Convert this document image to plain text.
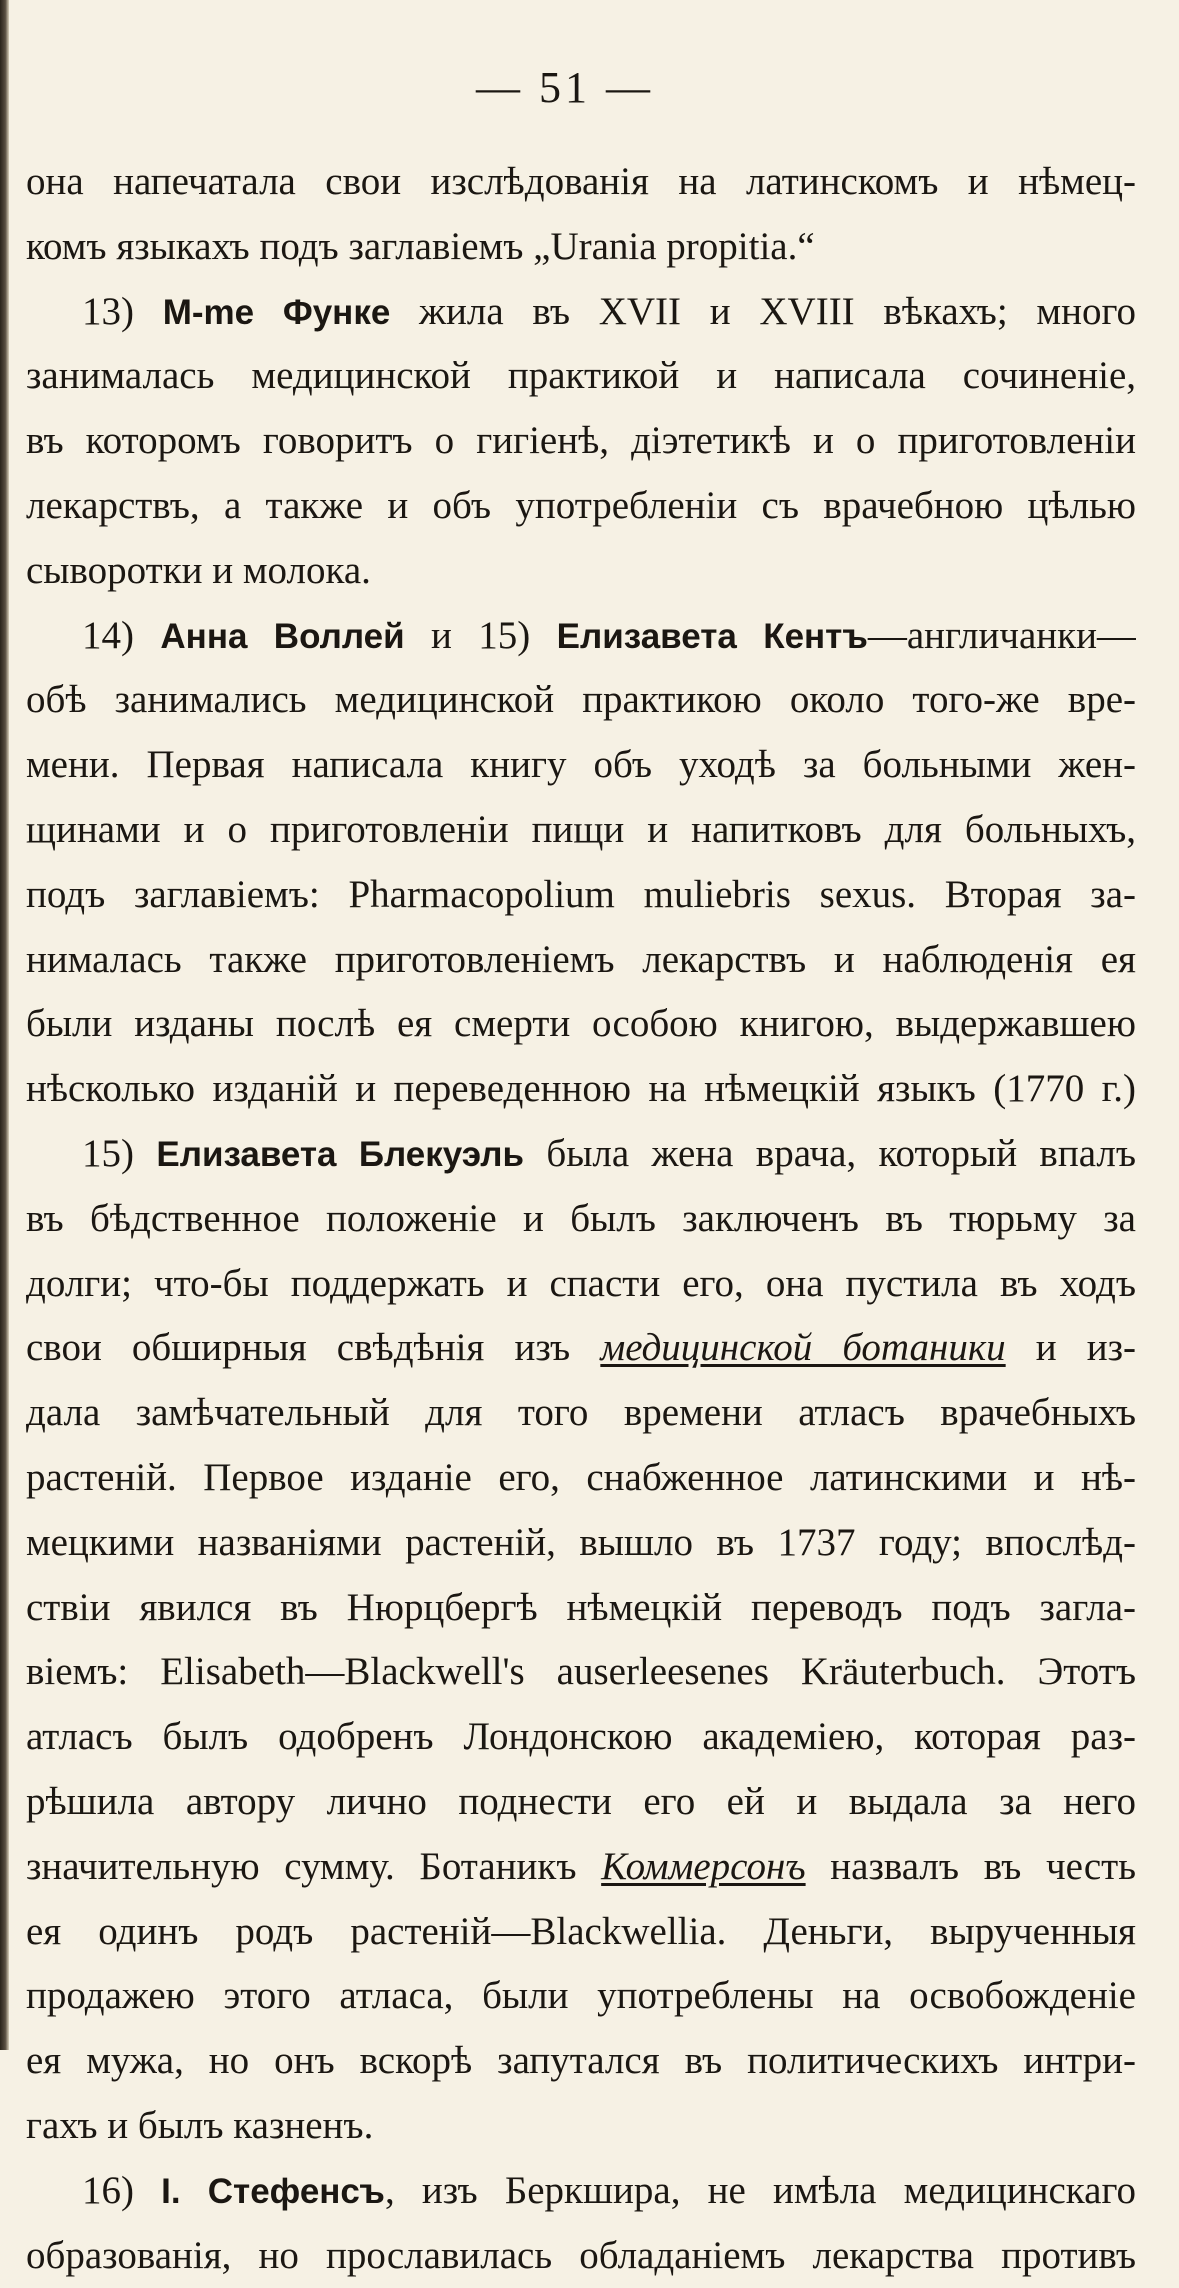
— 51 —
она напечатала свои изслѣдованія на латинскомъ и нѣмец-
комъ языкахъ подъ заглавіемъ „Urania propitia.“
13) М-me Функе жила въ XVII и XVIII вѣкахъ; много
занималась медицинской практикой и написала сочиненіе,
въ которомъ говоритъ о гигіенѣ, діэтетикѣ и о приготовленіи
лекарствъ, а также и объ употребленіи съ врачебною цѣлью
сыворотки и молока.
14) Анна Воллей и 15) Елизавета Кентъ—англичанки—
обѣ занимались медицинской практикою около того-же вре-
мени. Первая написала книгу объ уходѣ за больными жен-
щинами и о приготовленіи пищи и напитковъ для больныхъ,
подъ заглавіемъ: Pharmacopolium muliebris sexus. Вторая за-
нималась также приготовленіемъ лекарствъ и наблюденія ея
были изданы послѣ ея смерти особою книгою, выдержавшею
нѣсколько изданій и переведенною на нѣмецкій языкъ (1770 г.)
15) Елизавета Блекуэль была жена врача, который впалъ
въ бѣдственное положеніе и былъ заключенъ въ тюрьму за
долги; что-бы поддержать и спасти его, она пустила въ ходъ
свои обширныя свѣдѣнія изъ медицинской ботаники и из-
дала замѣчательный для того времени атласъ врачебныхъ
растеній. Первое изданіе его, снабженное латинскими и нѣ-
мецкими названіями растеній, вышло въ 1737 году; впослѣд-
ствіи явился въ Нюрцбергѣ нѣмецкій переводъ подъ загла-
віемъ: Elisabeth—Blackwell's auserleesenes Kräuterbuch. Этотъ
атласъ былъ одобренъ Лондонскою академіею, которая раз-
рѣшила автору лично поднести его ей и выдала за него
значительную сумму. Ботаникъ Коммерсонъ назвалъ въ честь
ея одинъ родъ растеній—Blackwellia. Деньги, вырученныя
продажею этого атласа, были употреблены на освобожденіе
ея мужа, но онъ вскорѣ запутался въ политическихъ интри-
гахъ и былъ казненъ.
16) I. Стефенсъ, изъ Беркшира, не имѣла медицинскаго
образованія, но прославилась обладаніемъ лекарства противъ
